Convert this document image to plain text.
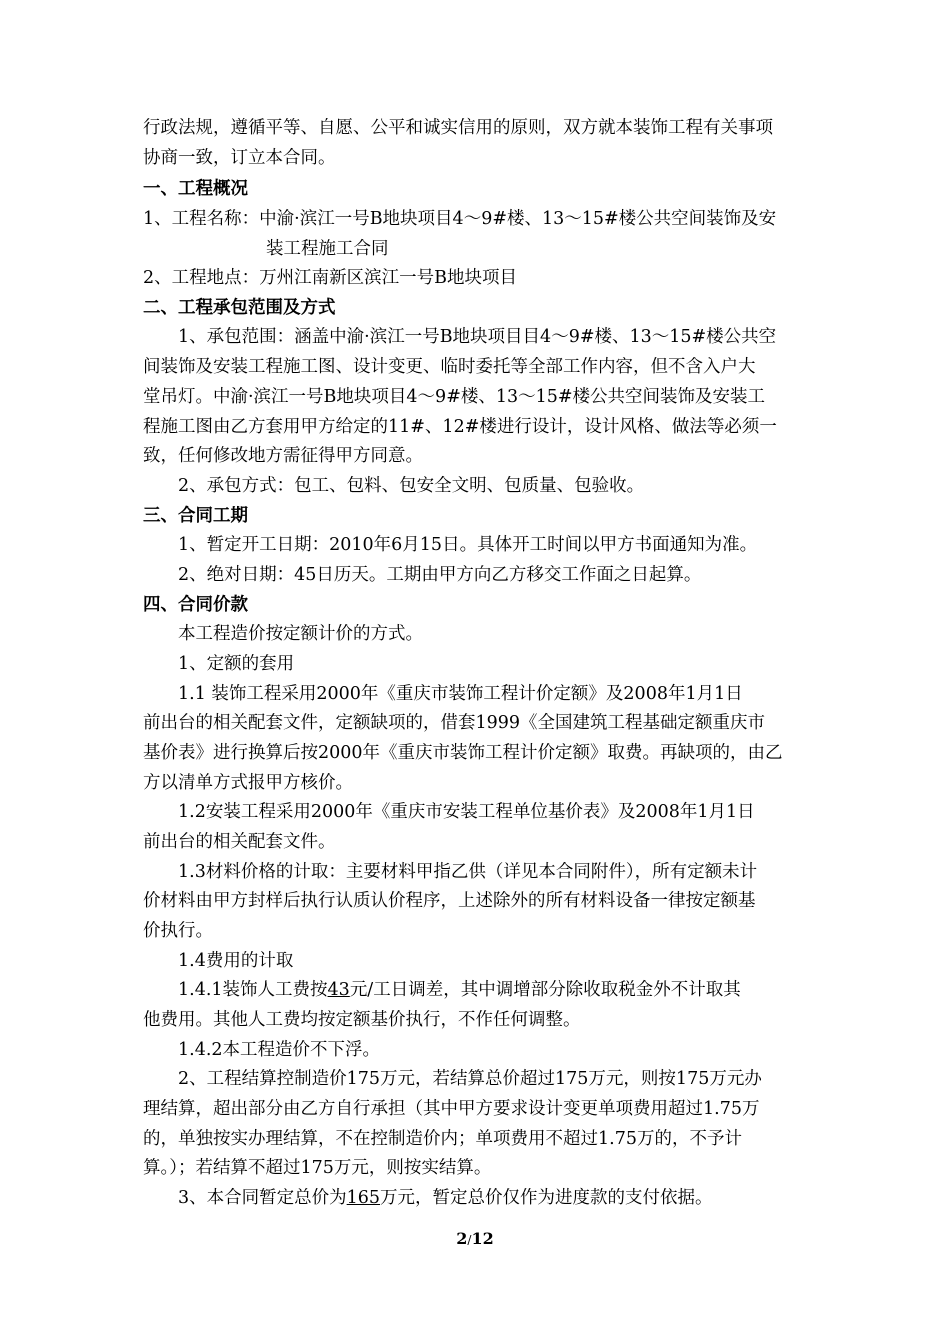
行政法规，遵循平等、自愿、公平和诚实信用的原则，双方就本装饰工程有关事项
协商一致，订立本合同。
一、工程概况
1、工程名称：中渝·滨江一号B地块项目4～9#楼、13～15#楼公共空间装饰及安
装工程施工合同
2、工程地点：万州江南新区滨江一号B地块项目
二、工程承包范围及方式
1、承包范围：涵盖中渝·滨江一号B地块项目目4～9#楼、13～15#楼公共空
间装饰及安装工程施工图、设计变更、临时委托等全部工作内容，但不含入户大
堂吊灯。中渝·滨江一号B地块项目4～9#楼、13～15#楼公共空间装饰及安装工
程施工图由乙方套用甲方给定的11#、12#楼进行设计，设计风格、做法等必须一
致，任何修改地方需征得甲方同意。
2、承包方式：包工、包料、包安全文明、包质量、包验收。
三、合同工期
1、暂定开工日期：2010年6月15日。具体开工时间以甲方书面通知为准。
2、绝对日期：45日历天。工期由甲方向乙方移交工作面之日起算。
四、合同价款
本工程造价按定额计价的方式。
1、定额的套用
1.1 装饰工程采用2000年《重庆市装饰工程计价定额》及2008年1月1日
前出台的相关配套文件，定额缺项的，借套1999《全国建筑工程基础定额重庆市
基价表》进行换算后按2000年《重庆市装饰工程计价定额》取费。再缺项的，由乙
方以清单方式报甲方核价。
1.2安装工程采用2000年《重庆市安装工程单位基价表》及2008年1月1日
前出台的相关配套文件。
1.3材料价格的计取：主要材料甲指乙供（详见本合同附件），所有定额未计
价材料由甲方封样后执行认质认价程序，上述除外的所有材料设备一律按定额基
价执行。
1.4费用的计取
1.4.1装饰人工费按43元/工日调差，其中调增部分除收取税金外不计取其
他费用。其他人工费均按定额基价执行，不作任何调整。
1.4.2本工程造价不下浮。
2、工程结算控制造价175万元，若结算总价超过175万元，则按175万元办
理结算，超出部分由乙方自行承担（其中甲方要求设计变更单项费用超过1.75万
的，单独按实办理结算，不在控制造价内；单项费用不超过1.75万的，不予计
算。）；若结算不超过175万元，则按实结算。
3、本合同暂定总价为165万元，暂定总价仅作为进度款的支付依据。
2/12
